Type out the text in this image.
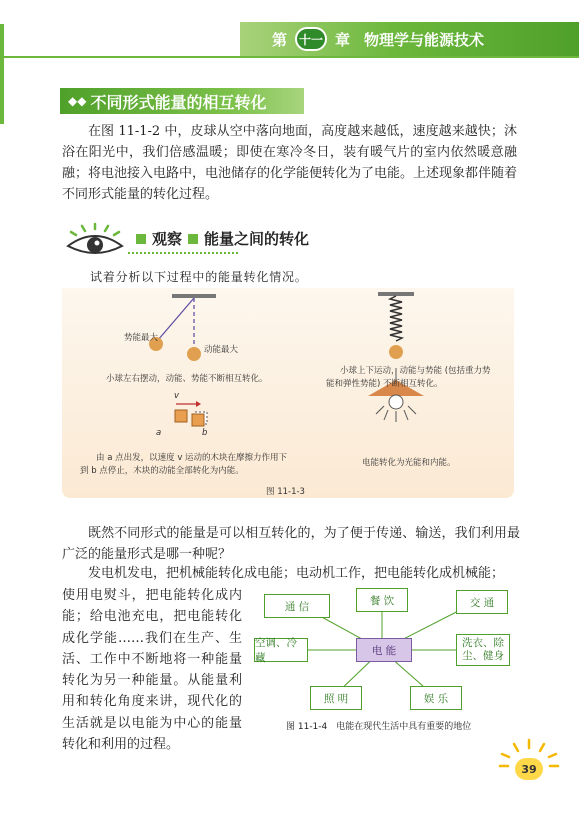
第 十一 章 物理学与能源技术
◆◆ 不同形式能量的相互转化

在图 11-1-2 中，皮球从空中落向地面，高度越来越低，速度越来越快；沐浴在阳光中，我们倍感温暖；即使在寒冷冬日，装有暖气片的室内依然暖意融融；将电池接入电路中，电池储存的化学能便转化为了电能。上述现象都伴随着不同形式能量的转化过程。

观察 能量之间的转化
试着分析以下过程中的能量转化情况。
势能最大
动能最大
小球左右摆动，动能、势能不断相互转化。
小球上下运动，动能与势能 (包括重力势
能和弹性势能) 不断相互转化。
v
a	b
由 a 点出发，以速度 v 运动的木块在摩擦力作用下
到 b 点停止，木块的动能全部转化为内能。
电能转化为光能和内能。
图 11-1-3

既然不同形式的能量是可以相互转化的，为了便于传递、输送，我们利用最广泛的能量形式是哪一种呢？

发电机发电，把机械能转化成电能；电动机工作，把电能转化成机械能；

使用电熨斗，把电能转化成内能；给电池充电，把电能转化成化学能……我们在生产、生活、工作中不断地将一种能量转化为另一种能量。从能量利用和转化角度来讲，现代化的生活就是以电能为中心的能量转化和利用的过程。

通 信	餐 饮	交 通
空调、冷藏
电 能
洗衣、除
尘、健身
照 明	娱 乐
图 11-1-4　电能在现代生活中具有重要的地位
39
